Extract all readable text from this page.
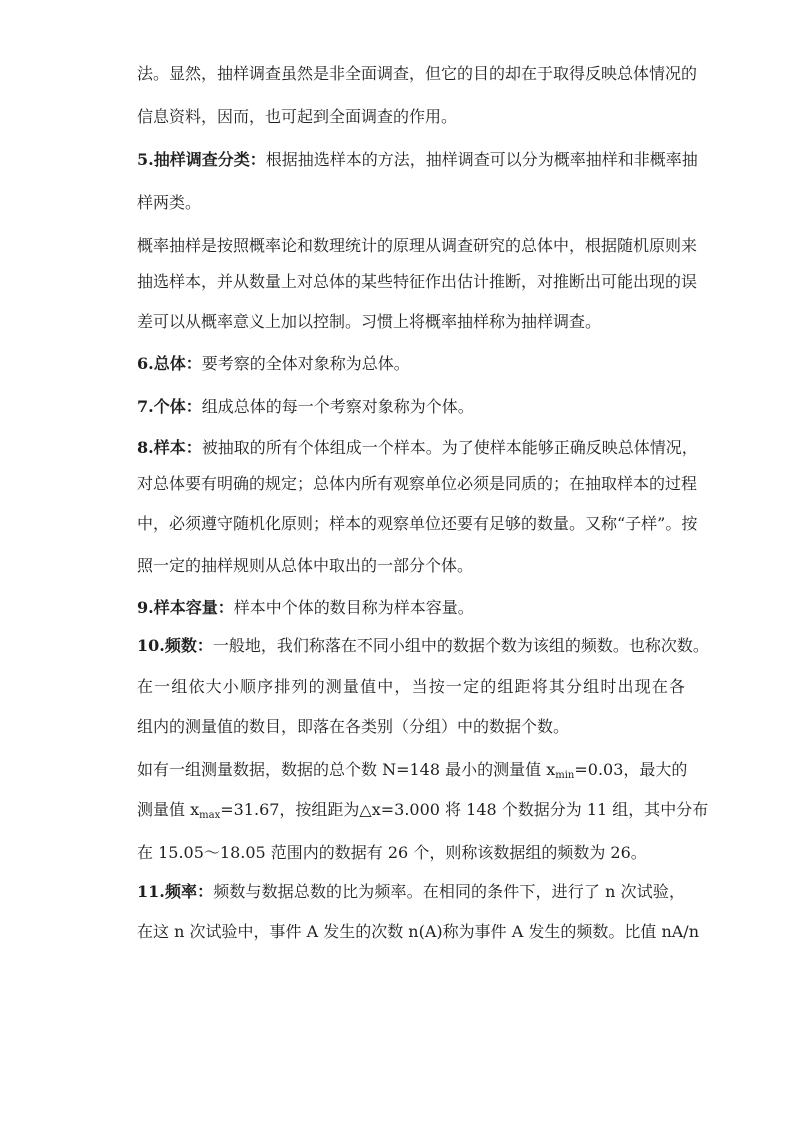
法。显然，抽样调查虽然是非全面调查，但它的目的却在于取得反映总体情况的
信息资料，因而，也可起到全面调查的作用。
5.抽样调查分类：根据抽选样本的方法，抽样调查可以分为概率抽样和非概率抽
样两类。
概率抽样是按照概率论和数理统计的原理从调查研究的总体中，根据随机原则来
抽选样本，并从数量上对总体的某些特征作出估计推断，对推断出可能出现的误
差可以从概率意义上加以控制。习惯上将概率抽样称为抽样调查。
6.总体：要考察的全体对象称为总体。
7.个体：组成总体的每一个考察对象称为个体。
8.样本：被抽取的所有个体组成一个样本。为了使样本能够正确反映总体情况，
对总体要有明确的规定；总体内所有观察单位必须是同质的；在抽取样本的过程
中，必须遵守随机化原则；样本的观察单位还要有足够的数量。又称“子样”。按
照一定的抽样规则从总体中取出的一部分个体。
9.样本容量：样本中个体的数目称为样本容量。
10.频数：一般地，我们称落在不同小组中的数据个数为该组的频数。也称次数。
在一组依大小顺序排列的测量值中，当按一定的组距将其分组时出现在各
组内的测量值的数目，即落在各类别（分组）中的数据个数。
如有一组测量数据，数据的总个数 N=148 最小的测量值 $x_{min}=0.03$，最大的
测量值 $x_{max}=31.67$，按组距为△x=3.000 将 148 个数据分为 11 组，其中分布
在 15.05～18.05 范围内的数据有 26 个，则称该数据组的频数为 26。
11.频率：频数与数据总数的比为频率。在相同的条件下，进行了 n 次试验，
在这 n 次试验中，事件 A 发生的次数 n(A)称为事件 A 发生的频数。比值 nA/n
